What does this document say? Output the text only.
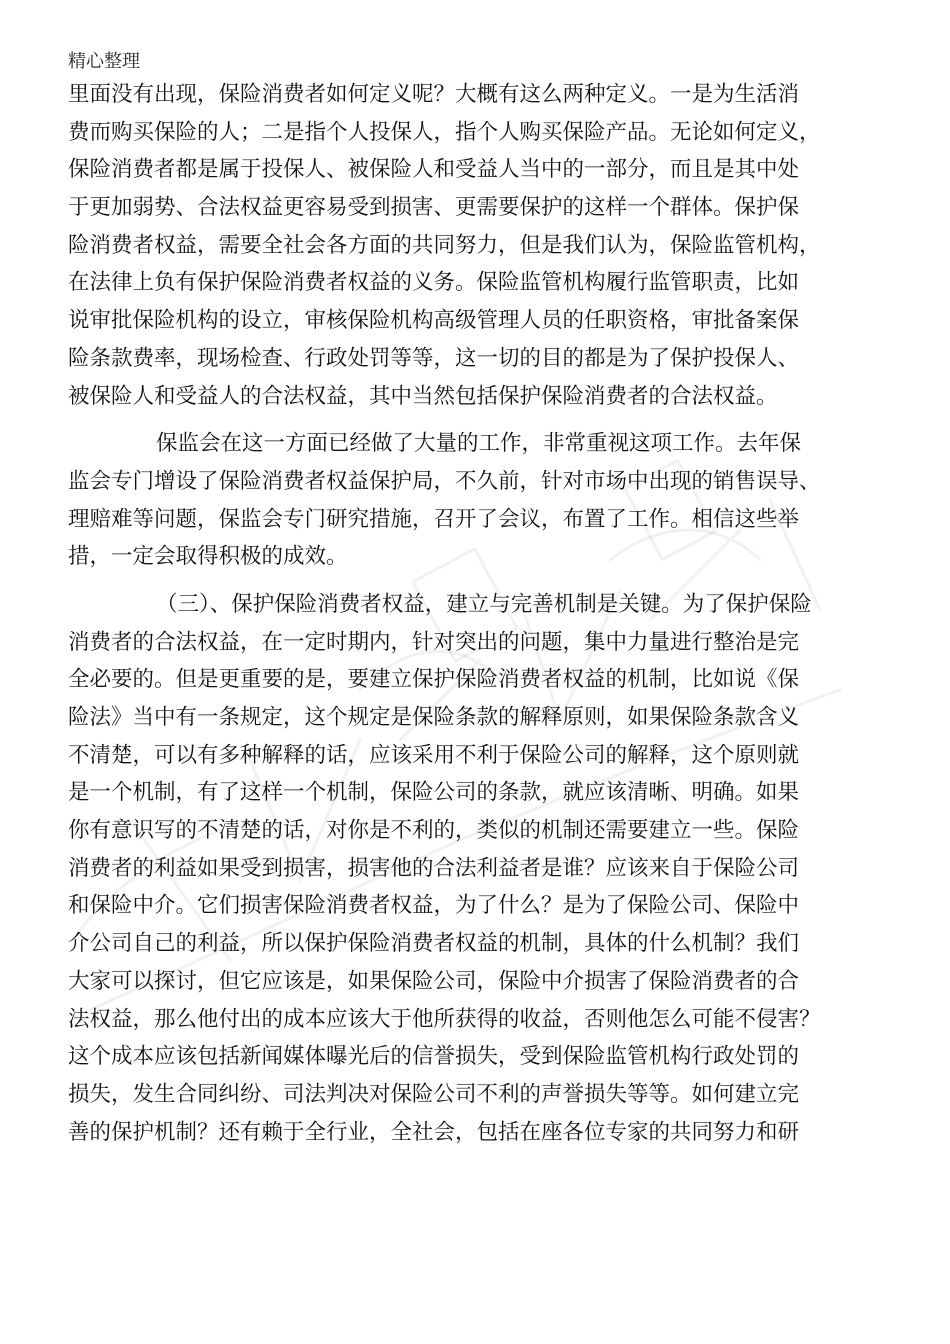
精心整理
里面没有出现，保险消费者如何定义呢？大概有这么两种定义。一是为生活消
费而购买保险的人；二是指个人投保人，指个人购买保险产品。无论如何定义，
保险消费者都是属于投保人、被保险人和受益人当中的一部分，而且是其中处
于更加弱势、合法权益更容易受到损害、更需要保护的这样一个群体。保护保
险消费者权益，需要全社会各方面的共同努力，但是我们认为，保险监管机构，
在法律上负有保护保险消费者权益的义务。保险监管机构履行监管职责，比如
说审批保险机构的设立，审核保险机构高级管理人员的任职资格，审批备案保
险条款费率，现场检查、行政处罚等等，这一切的目的都是为了保护投保人、
被保险人和受益人的合法权益，其中当然包括保护保险消费者的合法权益。
保监会在这一方面已经做了大量的工作，非常重视这项工作。去年保
监会专门增设了保险消费者权益保护局，不久前，针对市场中出现的销售误导、
理赔难等问题，保监会专门研究措施，召开了会议，布置了工作。相信这些举
措，一定会取得积极的成效。
（三）、保护保险消费者权益，建立与完善机制是关键。为了保护保险
消费者的合法权益，在一定时期内，针对突出的问题，集中力量进行整治是完
全必要的。但是更重要的是，要建立保护保险消费者权益的机制，比如说《保
险法》当中有一条规定，这个规定是保险条款的解释原则，如果保险条款含义
不清楚，可以有多种解释的话，应该采用不利于保险公司的解释，这个原则就
是一个机制，有了这样一个机制，保险公司的条款，就应该清晰、明确。如果
你有意识写的不清楚的话，对你是不利的，类似的机制还需要建立一些。保险
消费者的利益如果受到损害，损害他的合法利益者是谁？应该来自于保险公司
和保险中介。它们损害保险消费者权益，为了什么？是为了保险公司、保险中
介公司自己的利益，所以保护保险消费者权益的机制，具体的什么机制？我们
大家可以探讨，但它应该是，如果保险公司，保险中介损害了保险消费者的合
法权益，那么他付出的成本应该大于他所获得的收益，否则他怎么可能不侵害？
这个成本应该包括新闻媒体曝光后的信誉损失，受到保险监管机构行政处罚的
损失，发生合同纠纷、司法判决对保险公司不利的声誉损失等等。如何建立完
善的保护机制？还有赖于全行业，全社会，包括在座各位专家的共同努力和研
